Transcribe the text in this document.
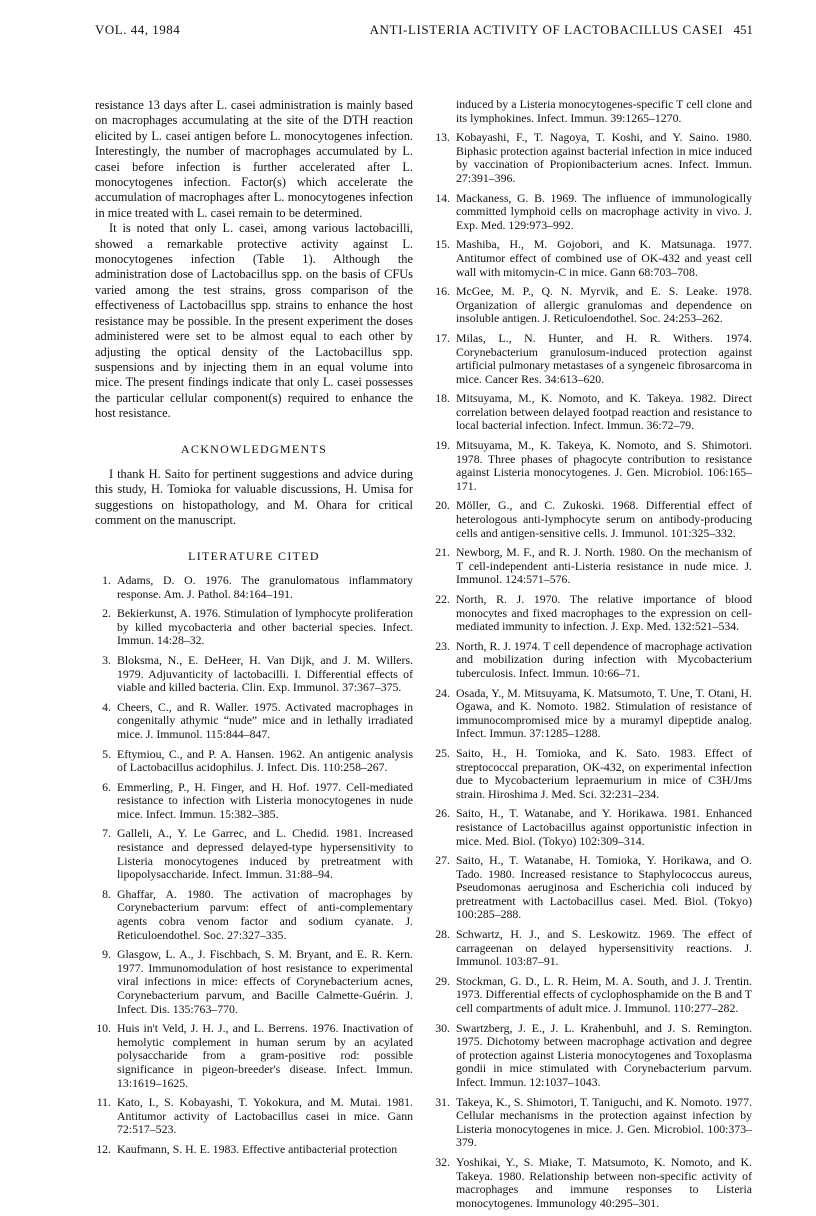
VOL. 44, 1984	ANTI-LISTERIA ACTIVITY OF LACTOBACILLUS CASEI 451

resistance 13 days after L. casei administration is mainly based on macrophages accumulating at the site of the DTH reaction elicited by L. casei antigen before L. monocytogenes infection. Interestingly, the number of macrophages accumulated by L. casei before infection is further accelerated after L. monocytogenes infection. Factor(s) which accelerate the accumulation of macrophages after L. monocytogenes infection in mice treated with L. casei remain to be determined.

It is noted that only L. casei, among various lactobacilli, showed a remarkable protective activity against L. monocytogenes infection (Table 1). Although the administration dose of Lactobacillus spp. on the basis of CFUs varied among the test strains, gross comparison of the effectiveness of Lactobacillus spp. strains to enhance the host resistance may be possible. In the present experiment the doses administered were set to be almost equal to each other by adjusting the optical density of the Lactobacillus spp. suspensions and by injecting them in an equal volume into mice. The present findings indicate that only L. casei possesses the particular cellular component(s) required to enhance the host resistance.

ACKNOWLEDGMENTS

I thank H. Saito for pertinent suggestions and advice during this study, H. Tomioka for valuable discussions, H. Umisa for suggestions on histopathology, and M. Ohara for critical comment on the manuscript.

LITERATURE CITED
1. Adams, D. O. 1976. The granulomatous inflammatory response. Am. J. Pathol. 84:164–191.
2. Bekierkunst, A. 1976. Stimulation of lymphocyte proliferation by killed mycobacteria and other bacterial species. Infect. Immun. 14:28–32.
3. Bloksma, N., E. DeHeer, H. Van Dijk, and J. M. Willers. 1979. Adjuvanticity of lactobacilli. I. Differential effects of viable and killed bacteria. Clin. Exp. Immunol. 37:367–375.
4. Cheers, C., and R. Waller. 1975. Activated macrophages in congenitally athymic “nude” mice and in lethally irradiated mice. J. Immunol. 115:844–847.
5. Eftymiou, C., and P. A. Hansen. 1962. An antigenic analysis of Lactobacillus acidophilus. J. Infect. Dis. 110:258–267.
6. Emmerling, P., H. Finger, and H. Hof. 1977. Cell-mediated resistance to infection with Listeria monocytogenes in nude mice. Infect. Immun. 15:382–385.
7. Galleli, A., Y. Le Garrec, and L. Chedid. 1981. Increased resistance and depressed delayed-type hypersensitivity to Listeria monocytogenes induced by pretreatment with lipopolysaccharide. Infect. Immun. 31:88–94.
8. Ghaffar, A. 1980. The activation of macrophages by Corynebacterium parvum: effect of anti-complementary agents cobra venom factor and sodium cyanate. J. Reticuloendothel. Soc. 27:327–335.
9. Glasgow, L. A., J. Fischbach, S. M. Bryant, and E. R. Kern. 1977. Immunomodulation of host resistance to experimental viral infections in mice: effects of Corynebacterium acnes, Corynebacterium parvum, and Bacille Calmette-Guérin. J. Infect. Dis. 135:763–770.
10. Huis in't Veld, J. H. J., and L. Berrens. 1976. Inactivation of hemolytic complement in human serum by an acylated polysaccharide from a gram-positive rod: possible significance in pigeon-breeder's disease. Infect. Immun. 13:1619–1625.
11. Kato, I., S. Kobayashi, T. Yokokura, and M. Mutai. 1981. Antitumor activity of Lactobacillus casei in mice. Gann 72:517–523.
12. Kaufmann, S. H. E. 1983. Effective antibacterial protection

induced by a Listeria monocytogenes-specific T cell clone and its lymphokines. Infect. Immun. 39:1265–1270.

13. Kobayashi, F., T. Nagoya, T. Koshi, and Y. Saino. 1980. Biphasic protection against bacterial infection in mice induced by vaccination of Propionibacterium acnes. Infect. Immun. 27:391–396.
14. Mackaness, G. B. 1969. The influence of immunologically committed lymphoid cells on macrophage activity in vivo. J. Exp. Med. 129:973–992.
15. Mashiba, H., M. Gojobori, and K. Matsunaga. 1977. Antitumor effect of combined use of OK-432 and yeast cell wall with mitomycin-C in mice. Gann 68:703–708.
16. McGee, M. P., Q. N. Myrvik, and E. S. Leake. 1978. Organization of allergic granulomas and dependence on insoluble antigen. J. Reticuloendothel. Soc. 24:253–262.
17. Milas, L., N. Hunter, and H. R. Withers. 1974. Corynebacterium granulosum-induced protection against artificial pulmonary metastases of a syngeneic fibrosarcoma in mice. Cancer Res. 34:613–620.
18. Mitsuyama, M., K. Nomoto, and K. Takeya. 1982. Direct correlation between delayed footpad reaction and resistance to local bacterial infection. Infect. Immun. 36:72–79.
19. Mitsuyama, M., K. Takeya, K. Nomoto, and S. Shimotori. 1978. Three phases of phagocyte contribution to resistance against Listeria monocytogenes. J. Gen. Microbiol. 106:165–171.
20. Möller, G., and C. Zukoski. 1968. Differential effect of heterologous anti-lymphocyte serum on antibody-producing cells and antigen-sensitive cells. J. Immunol. 101:325–332.
21. Newborg, M. F., and R. J. North. 1980. On the mechanism of T cell-independent anti-Listeria resistance in nude mice. J. Immunol. 124:571–576.
22. North, R. J. 1970. The relative importance of blood monocytes and fixed macrophages to the expression on cell-mediated immunity to infection. J. Exp. Med. 132:521–534.
23. North, R. J. 1974. T cell dependence of macrophage activation and mobilization during infection with Mycobacterium tuberculosis. Infect. Immun. 10:66–71.
24. Osada, Y., M. Mitsuyama, K. Matsumoto, T. Une, T. Otani, H. Ogawa, and K. Nomoto. 1982. Stimulation of resistance of immunocompromised mice by a muramyl dipeptide analog. Infect. Immun. 37:1285–1288.
25. Saito, H., H. Tomioka, and K. Sato. 1983. Effect of streptococcal preparation, OK-432, on experimental infection due to Mycobacterium lepraemurium in mice of C3H/Jms strain. Hiroshima J. Med. Sci. 32:231–234.
26. Saito, H., T. Watanabe, and Y. Horikawa. 1981. Enhanced resistance of Lactobacillus against opportunistic infection in mice. Med. Biol. (Tokyo) 102:309–314.
27. Saito, H., T. Watanabe, H. Tomioka, Y. Horikawa, and O. Tado. 1980. Increased resistance to Staphylococcus aureus, Pseudomonas aeruginosa and Escherichia coli induced by pretreatment with Lactobacillus casei. Med. Biol. (Tokyo) 100:285–288.
28. Schwartz, H. J., and S. Leskowitz. 1969. The effect of carrageenan on delayed hypersensitivity reactions. J. Immunol. 103:87–91.
29. Stockman, G. D., L. R. Heim, M. A. South, and J. J. Trentin. 1973. Differential effects of cyclophosphamide on the B and T cell compartments of adult mice. J. Immunol. 110:277–282.
30. Swartzberg, J. E., J. L. Krahenbuhl, and J. S. Remington. 1975. Dichotomy between macrophage activation and degree of protection against Listeria monocytogenes and Toxoplasma gondii in mice stimulated with Corynebacterium parvum. Infect. Immun. 12:1037–1043.
31. Takeya, K., S. Shimotori, T. Taniguchi, and K. Nomoto. 1977. Cellular mechanisms in the protection against infection by Listeria monocytogenes in mice. J. Gen. Microbiol. 100:373–379.
32. Yoshikai, Y., S. Miake, T. Matsumoto, K. Nomoto, and K. Takeya. 1980. Relationship between non-specific activity of macrophages and immune responses to Listeria monocytogenes. Immunology 40:295–301.
